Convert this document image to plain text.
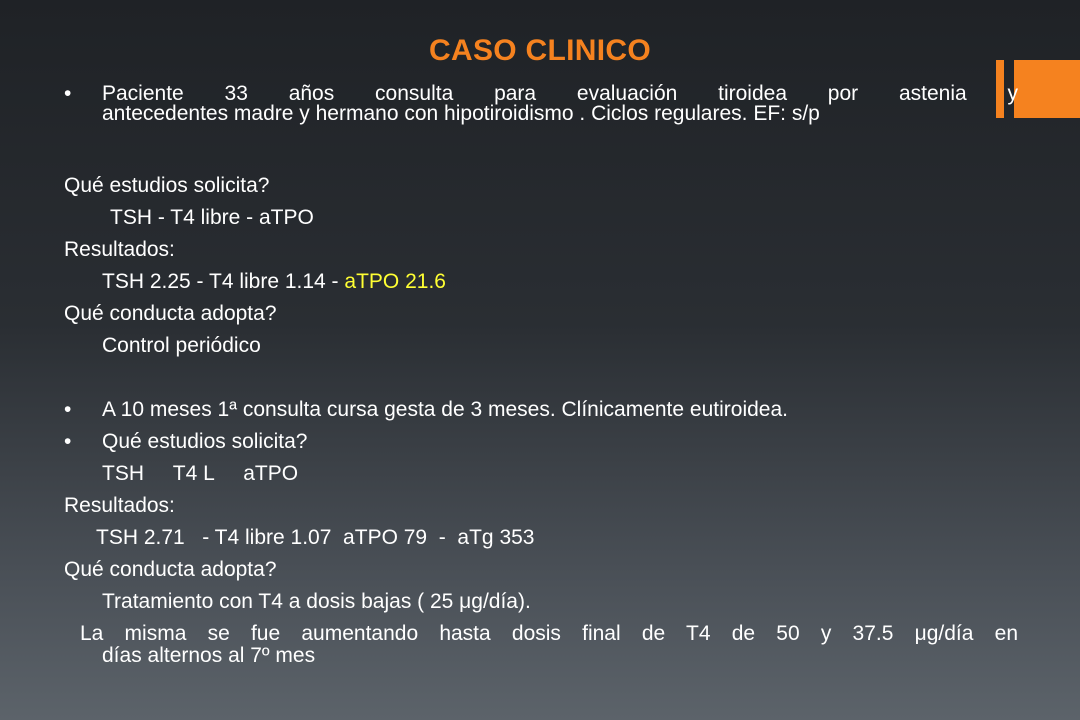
CASO CLINICO
• Paciente 33 años consulta para evaluación tiroidea por astenia y
antecedentes madre y hermano con hipotiroidismo . Ciclos regulares. EF: s/p
Qué estudios solicita?
TSH - T4 libre - aTPO
Resultados:
TSH 2.25 - T4 libre 1.14 - aTPO 21.6
Qué conducta adopta?
Control periódico
• A 10 meses 1ª consulta cursa gesta de 3 meses. Clínicamente eutiroidea.
• Qué estudios solicita?
TSH     T4 L     aTPO
Resultados:
TSH 2.71   - T4 libre 1.07  aTPO 79  -  aTg 353
Qué conducta adopta?
Tratamiento con T4 a dosis bajas ( 25 μg/día).
La misma se fue aumentando hasta dosis final de T4 de 50 y 37.5 μg/día en
días alternos al 7º mes
